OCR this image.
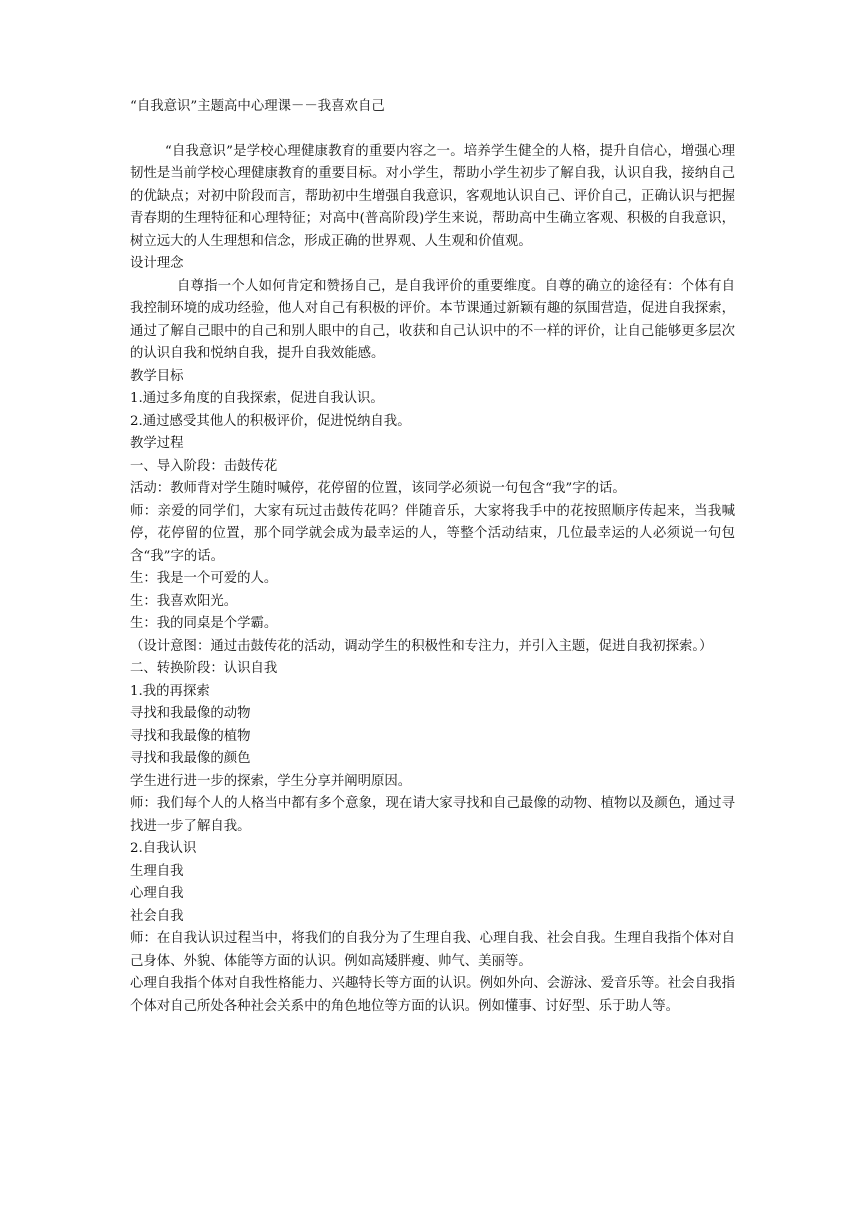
“自我意识”主题高中心理课－－我喜欢自己

“自我意识”是学校心理健康教育的重要内容之一。培养学生健全的人格，提升自信心，增强心理韧性是当前学校心理健康教育的重要目标。对小学生，帮助小学生初步了解自我，认识自我，接纳自己的优缺点；对初中阶段而言，帮助初中生增强自我意识，客观地认识自己、评价自己，正确认识与把握青春期的生理特征和心理特征；对高中(普高阶段)学生来说，帮助高中生确立客观、积极的自我意识，树立远大的人生理想和信念，形成正确的世界观、人生观和价值观。

设计理念

自尊指一个人如何肯定和赞扬自己，是自我评价的重要维度。自尊的确立的途径有：个体有自我控制环境的成功经验，他人对自己有积极的评价。本节课通过新颖有趣的氛围营造，促进自我探索，通过了解自己眼中的自己和别人眼中的自己，收获和自己认识中的不一样的评价，让自己能够更多层次的认识自我和悦纳自我，提升自我效能感。

教学目标

1.通过多角度的自我探索，促进自我认识。

2.通过感受其他人的积极评价，促进悦纳自我。

教学过程

一、导入阶段：击鼓传花

活动：教师背对学生随时喊停，花停留的位置，该同学必须说一句包含“我”字的话。

师：亲爱的同学们，大家有玩过击鼓传花吗？伴随音乐，大家将我手中的花按照顺序传起来，当我喊停，花停留的位置，那个同学就会成为最幸运的人，等整个活动结束，几位最幸运的人必须说一句包含“我”字的话。

生：我是一个可爱的人。

生：我喜欢阳光。

生：我的同桌是个学霸。

（设计意图：通过击鼓传花的活动，调动学生的积极性和专注力，并引入主题，促进自我初探索。）

二、转换阶段：认识自我

1.我的再探索

寻找和我最像的动物

寻找和我最像的植物

寻找和我最像的颜色

学生进行进一步的探索，学生分享并阐明原因。

师：我们每个人的人格当中都有多个意象，现在请大家寻找和自己最像的动物、植物以及颜色，通过寻找进一步了解自我。

2.自我认识

生理自我

心理自我

社会自我

师：在自我认识过程当中，将我们的自我分为了生理自我、心理自我、社会自我。生理自我指个体对自己身体、外貌、体能等方面的认识。例如高矮胖瘦、帅气、美丽等。

心理自我指个体对自我性格能力、兴趣特长等方面的认识。例如外向、会游泳、爱音乐等。社会自我指个体对自己所处各种社会关系中的角色地位等方面的认识。例如懂事、讨好型、乐于助人等。
